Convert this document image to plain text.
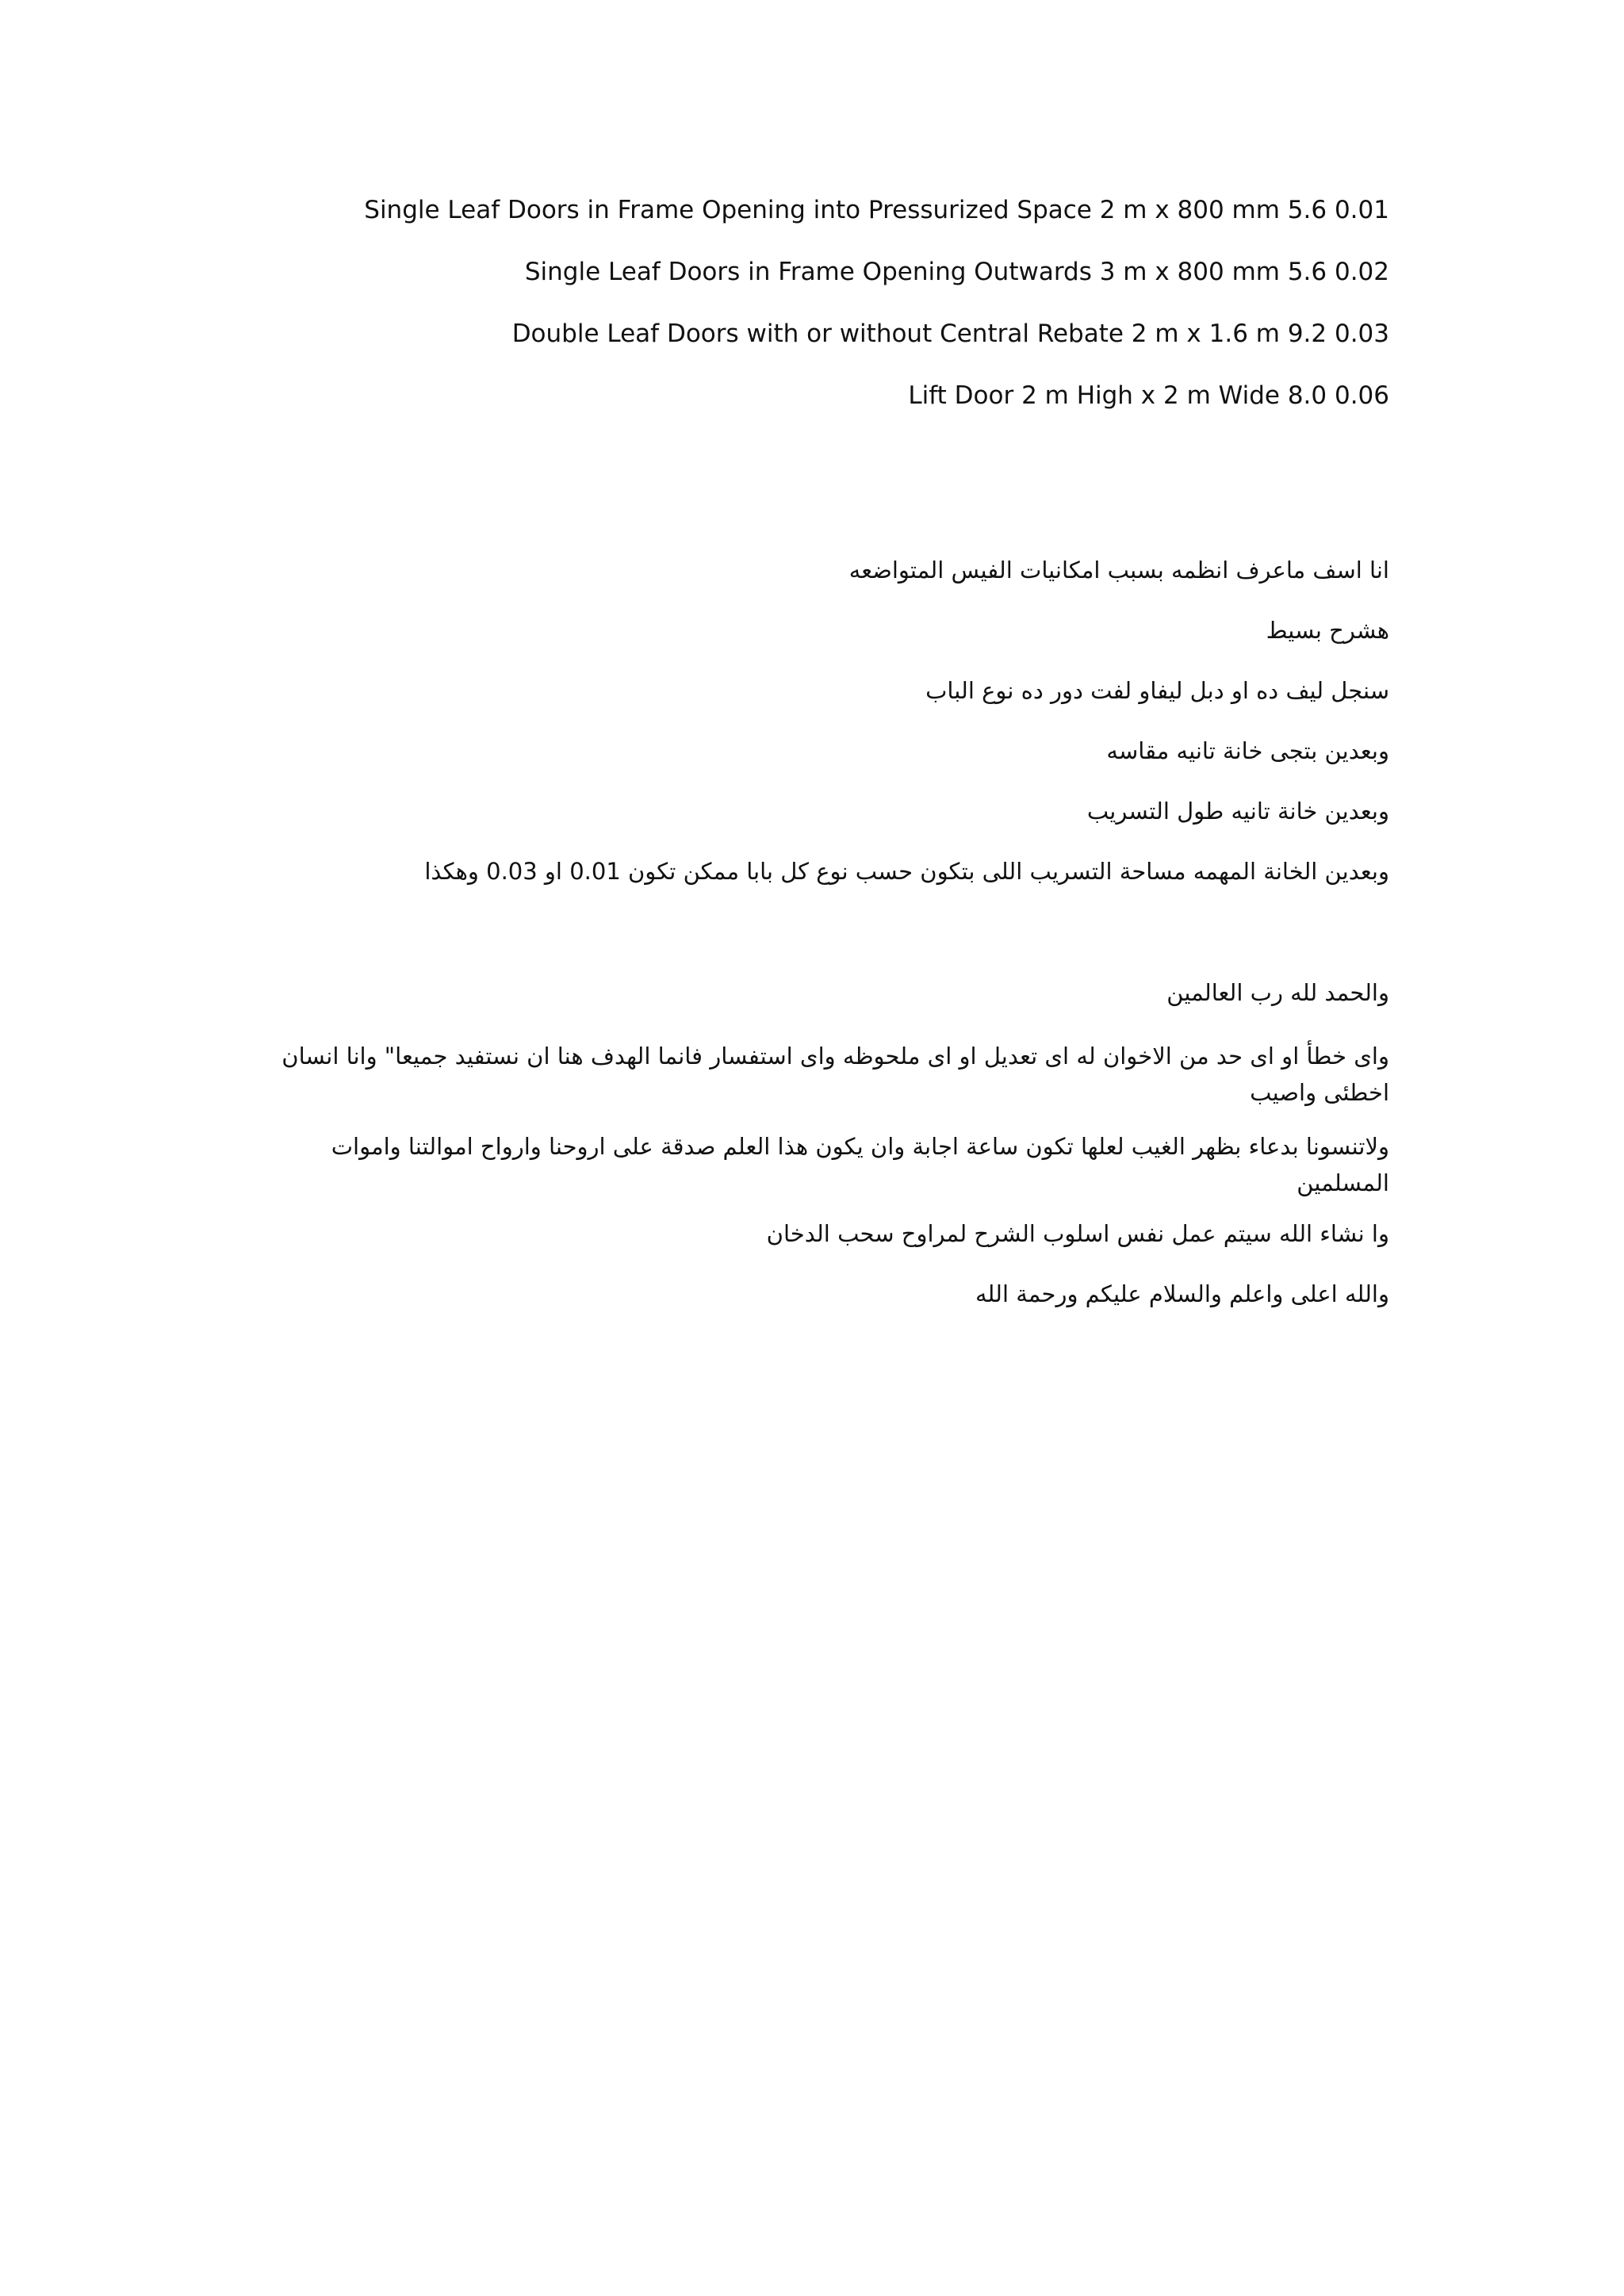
Single Leaf Doors in Frame Opening into Pressurized Space 2 m x 800 mm 5.6 0.01
Single Leaf Doors in Frame Opening Outwards 3 m x 800 mm 5.6 0.02
Double Leaf Doors with or without Central Rebate 2 m x 1.6 m 9.2 0.03
Lift Door 2 m High x 2 m Wide 8.0 0.06
انا اسف ماعرف انظمه بسبب امكانيات الفيس المتواضعه
هشرح بسيط
سنجل ليف ده او دبل ليفاو لفت دور ده نوع الباب
وبعدين بتجى خانة تانيه مقاسه
وبعدين خانة تانيه طول التسريب
وبعدين الخانة المهمه مساحة التسريب اللى بتكون حسب نوع كل بابا ممكن تكون 0.01 او 0.03 وهكذا
والحمد لله رب العالمين
واى خطأ او اى حد من الاخوان له اى تعديل او اى ملحوظه واى استفسار فانما الهدف هنا ان نستفيد جميعا" وانا انسان اخطئى واصيب
ولاتنسونا بدعاء بظهر الغيب لعلها تكون ساعة اجابة وان يكون هذا العلم صدقة على اروحنا وارواح اموالتنا واموات المسلمين
وا نشاء الله سيتم عمل نفس اسلوب الشرح لمراوح سحب الدخان
والله اعلى واعلم والسلام عليكم ورحمة الله
